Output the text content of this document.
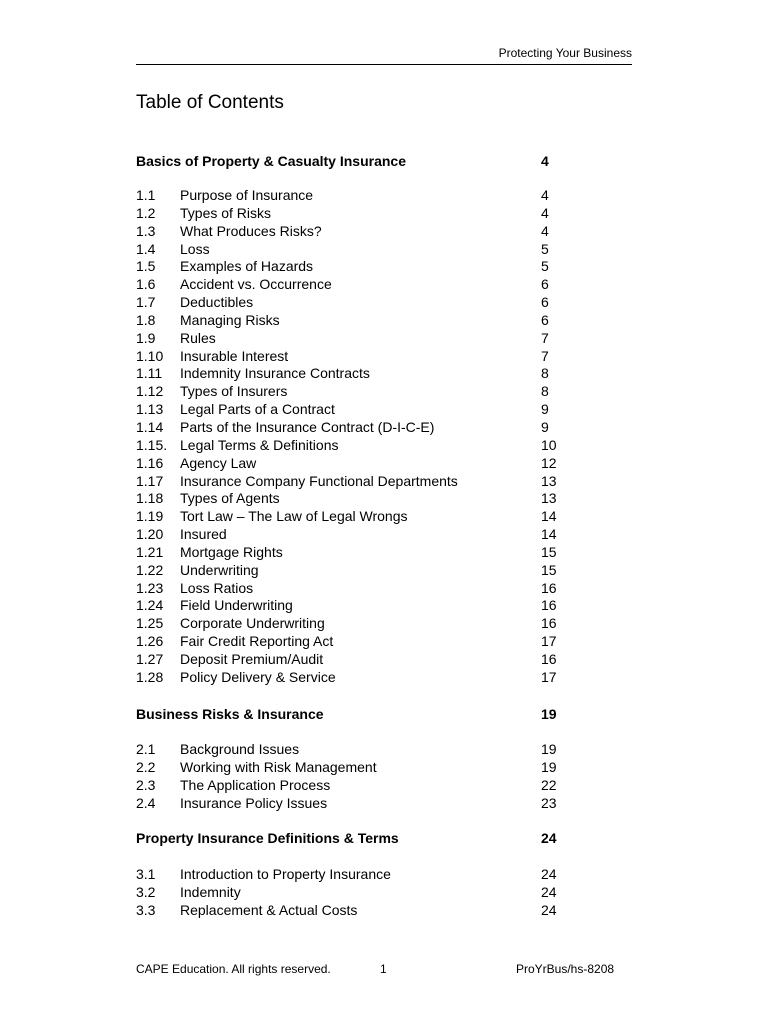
Protecting Your Business
Table of Contents
Basics of Property & Casualty Insurance	4
1.1 Purpose of Insurance	4
1.2 Types of Risks	4
1.3 What Produces Risks?	4
1.4 Loss	5
1.5 Examples of Hazards	5
1.6 Accident vs. Occurrence	6
1.7 Deductibles	6
1.8 Managing Risks	6
1.9 Rules	7
1.10 Insurable Interest	7
1.11 Indemnity Insurance Contracts	8
1.12 Types of Insurers	8
1.13 Legal Parts of a Contract	9
1.14 Parts of the Insurance Contract (D-I-C-E)	9
1.15. Legal Terms & Definitions	10
1.16 Agency Law	12
1.17 Insurance Company Functional Departments	13
1.18 Types of Agents	13
1.19 Tort Law – The Law of Legal Wrongs	14
1.20 Insured	14
1.21 Mortgage Rights	15
1.22 Underwriting	15
1.23 Loss Ratios	16
1.24 Field Underwriting	16
1.25 Corporate Underwriting	16
1.26 Fair Credit Reporting Act	17
1.27 Deposit Premium/Audit	16
1.28 Policy Delivery & Service	17
Business Risks & Insurance	19
2.1 Background Issues	19
2.2 Working with Risk Management	19
2.3 The Application Process	22
2.4 Insurance Policy Issues	23
Property Insurance Definitions & Terms	24
3.1 Introduction to Property Insurance	24
3.2 Indemnity	24
3.3 Replacement & Actual Costs	24
CAPE Education. All rights reserved.	1	ProYrBus/hs-8208
